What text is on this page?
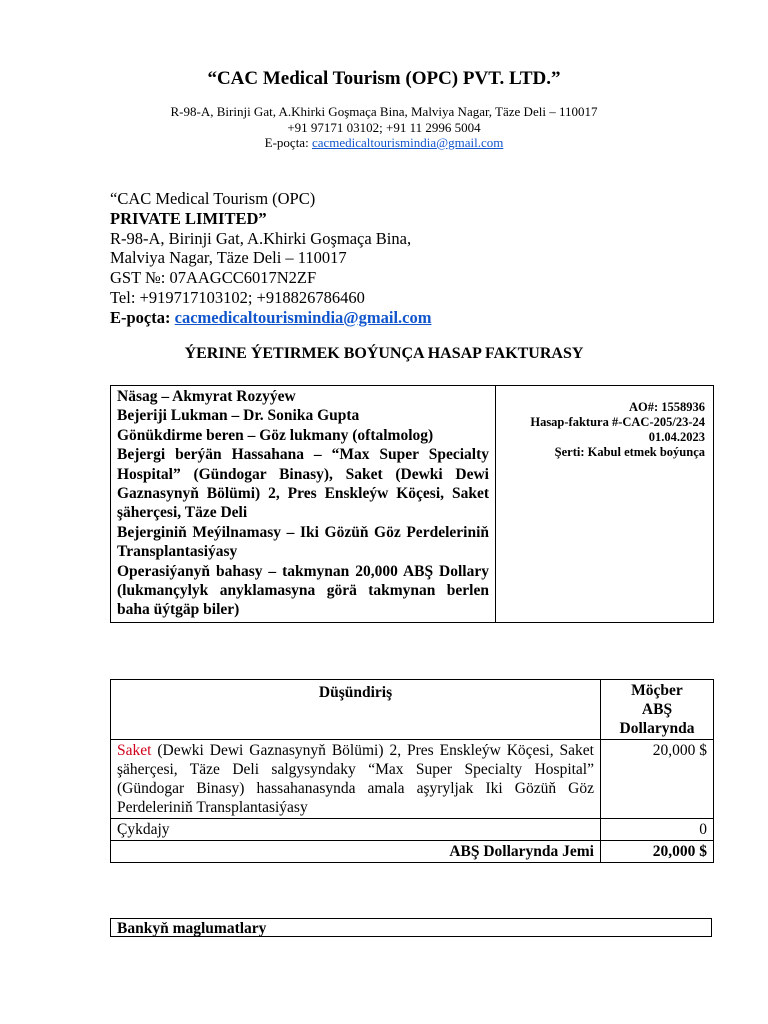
“CAC Medical Tourism (OPC) PVT. LTD.”
R-98-A, Birinji Gat, A.Khirki Goşmaça Bina, Malviya Nagar, Täze Deli – 110017
+91 97171 03102; +91 11 2996 5004
E-poçta: cacmedicaltourismindia@gmail.com
“CAC Medical Tourism (OPC)
PRIVATE LIMITED”
R-98-A, Birinji Gat, A.Khirki Goşmaça Bina,
Malviya Nagar, Täze Deli – 110017
GST №: 07AAGCC6017N2ZF
Tel: +919717103102; +918826786460
E-poçta: cacmedicaltourismindia@gmail.com
ÝERINE ÝETIRMEK BOÝUNÇA HASAP FAKTURASY
Näsag – Akmyrat Rozyýew
Bejeriji Lukman – Dr. Sonika Gupta
Gönükdirme beren – Göz lukmany (oftalmolog)
Bejergi berýän Hassahana – “Max Super Specialty Hospital” (Gündogar Binasy), Saket (Dewki Dewi Gaznasynyň Bölümi) 2, Pres Enskleýw Köçesi, Saket şäherçesi, Täze Deli
Bejerginiň Meýilnamasy – Iki Gözüň Göz Perdeleriniň Transplantasiýasy
Operasiýanyň bahasy – takmynan 20,000 ABŞ Dollary (lukmançylyk anyklamasyna görä takmynan berlen baha üýtgäp biler)

AO#: 1558936
Hasap-faktura #-CAC-205/23-24
01.04.2023
Şerti: Kabul etmek boýunça
Düşündiriş	Möçber
ABŞ
Dollarynda

Saket (Dewki Dewi Gaznasynyň Bölümi) 2, Pres Enskleýw Köçesi, Saket şäherçesi, Täze Deli salgysyndaky “Max Super Specialty Hospital” (Gündogar Binasy) hassahanasynda amala aşyrylјak Iki Gözüň Göz Perdeleriniň Transplantasiýasy	20,000 $
Çykdajy	0
ABŞ Dollarynda Jemi	20,000 $
Bankyň maglumatlary
